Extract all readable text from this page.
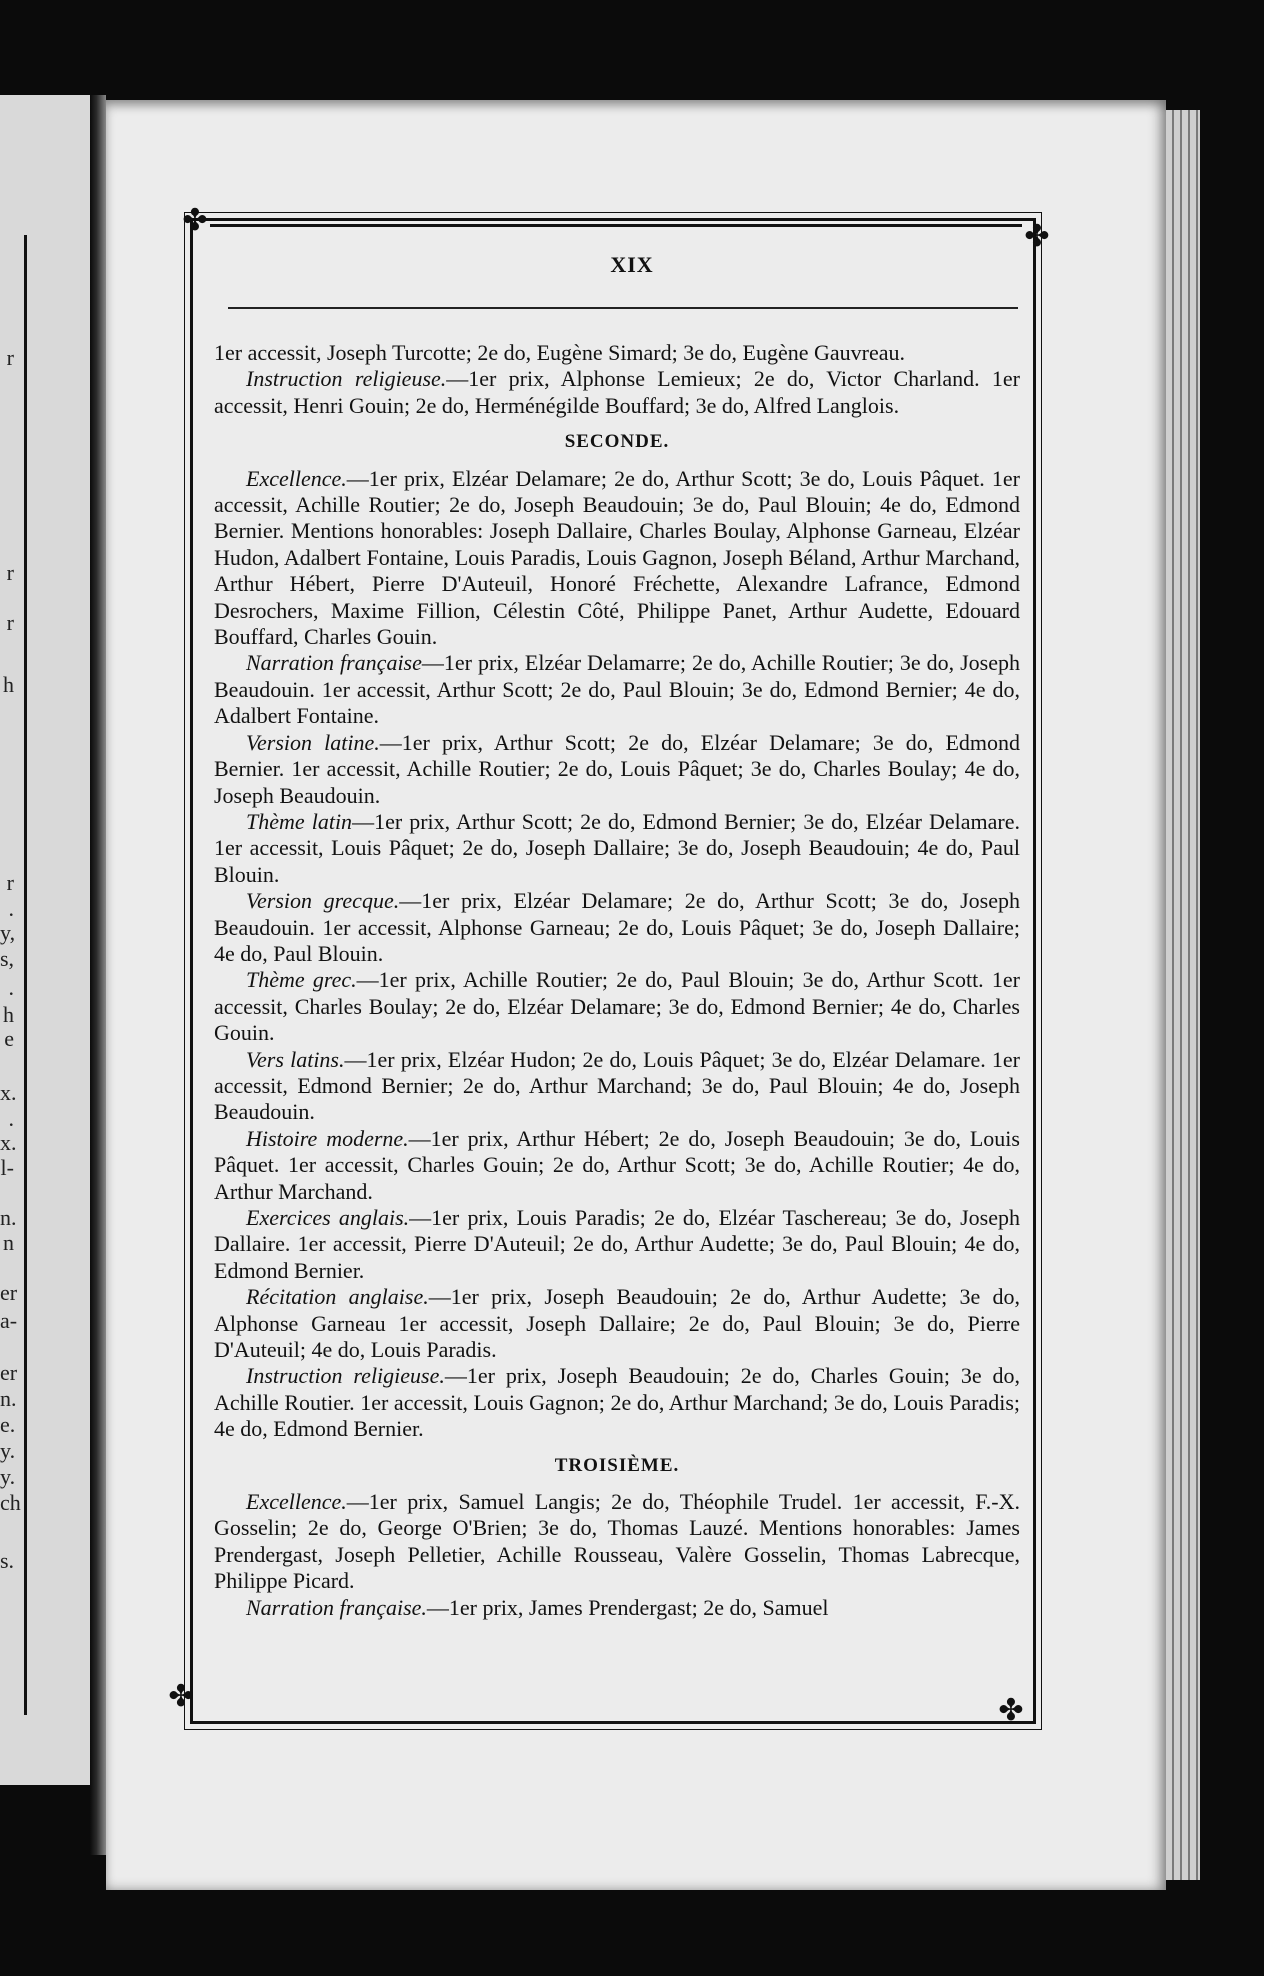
r
r
r
h
r
.
y,
s,
.
h
e
x.
.
x.
l-
n.
n
er
a-
er
n.
e.
y.
y.
ch
s.
✤	✤
✤	✤
XIX

1er accessit, Joseph Turcotte; 2e do, Eugène Simard; 3e do, Eugène Gauvreau.

Instruction religieuse.—1er prix, Alphonse Lemieux; 2e do, Victor Charland. 1er accessit, Henri Gouin; 2e do, Herménégilde Bouffard; 3e do, Alfred Langlois.

SECONDE.

Excellence.—1er prix, Elzéar Delamare; 2e do, Arthur Scott; 3e do, Louis Pâquet. 1er accessit, Achille Routier; 2e do, Joseph Beaudouin; 3e do, Paul Blouin; 4e do, Edmond Bernier. Mentions honorables: Joseph Dallaire, Charles Boulay, Alphonse Garneau, Elzéar Hudon, Adalbert Fontaine, Louis Paradis, Louis Gagnon, Joseph Béland, Arthur Marchand, Arthur Hébert, Pierre D'Auteuil, Honoré Fréchette, Alexandre Lafrance, Edmond Desrochers, Maxime Fillion, Célestin Côté, Philippe Panet, Arthur Audette, Edouard Bouffard, Charles Gouin.

Narration française—1er prix, Elzéar Delamarre; 2e do, Achille Routier; 3e do, Joseph Beaudouin. 1er accessit, Arthur Scott; 2e do, Paul Blouin; 3e do, Edmond Bernier; 4e do, Adalbert Fontaine.

Version latine.—1er prix, Arthur Scott; 2e do, Elzéar Delamare; 3e do, Edmond Bernier. 1er accessit, Achille Routier; 2e do, Louis Pâquet; 3e do, Charles Boulay; 4e do, Joseph Beaudouin.

Thème latin—1er prix, Arthur Scott; 2e do, Edmond Bernier; 3e do, Elzéar Delamare. 1er accessit, Louis Pâquet; 2e do, Joseph Dallaire; 3e do, Joseph Beaudouin; 4e do, Paul Blouin.

Version grecque.—1er prix, Elzéar Delamare; 2e do, Arthur Scott; 3e do, Joseph Beaudouin. 1er accessit, Alphonse Garneau; 2e do, Louis Pâquet; 3e do, Joseph Dallaire; 4e do, Paul Blouin.

Thème grec.—1er prix, Achille Routier; 2e do, Paul Blouin; 3e do, Arthur Scott. 1er accessit, Charles Boulay; 2e do, Elzéar Delamare; 3e do, Edmond Bernier; 4e do, Charles Gouin.

Vers latins.—1er prix, Elzéar Hudon; 2e do, Louis Pâquet; 3e do, Elzéar Delamare. 1er accessit, Edmond Bernier; 2e do, Arthur Marchand; 3e do, Paul Blouin; 4e do, Joseph Beaudouin.

Histoire moderne.—1er prix, Arthur Hébert; 2e do, Joseph Beaudouin; 3e do, Louis Pâquet. 1er accessit, Charles Gouin; 2e do, Arthur Scott; 3e do, Achille Routier; 4e do, Arthur Marchand.

Exercices anglais.—1er prix, Louis Paradis; 2e do, Elzéar Taschereau; 3e do, Joseph Dallaire. 1er accessit, Pierre D'Auteuil; 2e do, Arthur Audette; 3e do, Paul Blouin; 4e do, Edmond Bernier.

Récitation anglaise.—1er prix, Joseph Beaudouin; 2e do, Arthur Audette; 3e do, Alphonse Garneau 1er accessit, Joseph Dallaire; 2e do, Paul Blouin; 3e do, Pierre D'Auteuil; 4e do, Louis Paradis.

Instruction religieuse.—1er prix, Joseph Beaudouin; 2e do, Charles Gouin; 3e do, Achille Routier. 1er accessit, Louis Gagnon; 2e do, Arthur Marchand; 3e do, Louis Paradis; 4e do, Edmond Bernier.

TROISIÈME.

Excellence.—1er prix, Samuel Langis; 2e do, Théophile Trudel. 1er accessit, F.-X. Gosselin; 2e do, George O'Brien; 3e do, Thomas Lauzé. Mentions honorables: James Prendergast, Joseph Pelletier, Achille Rousseau, Valère Gosselin, Thomas Labrecque, Philippe Picard.

Narration française.—1er prix, James Prendergast; 2e do, Samuel
